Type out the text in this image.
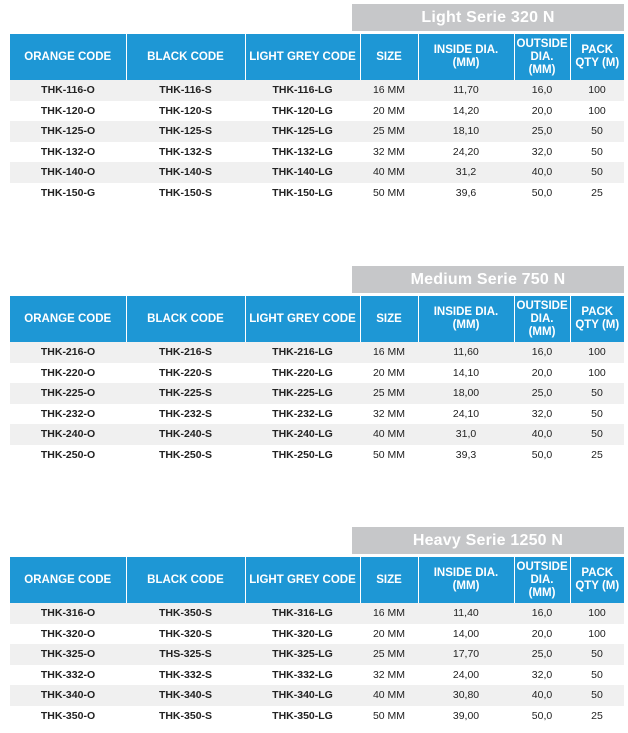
Light Serie 320 N
ORANGE CODE	BLACK CODE	LIGHT GREY CODE	SIZE	INSIDE DIA. (MM)	OUTSIDE DIA. (MM)	PACK QTY (M)
THK-116-O	THK-116-S	THK-116-LG	16 MM	11,70	16,0	100
THK-120-O	THK-120-S	THK-120-LG	20 MM	14,20	20,0	100
THK-125-O	THK-125-S	THK-125-LG	25 MM	18,10	25,0	50
THK-132-O	THK-132-S	THK-132-LG	32 MM	24,20	32,0	50
THK-140-O	THK-140-S	THK-140-LG	40 MM	31,2	40,0	50
THK-150-G	THK-150-S	THK-150-LG	50 MM	39,6	50,0	25
Medium Serie 750 N
ORANGE CODE	BLACK CODE	LIGHT GREY CODE	SIZE	INSIDE DIA. (MM)	OUTSIDE DIA. (MM)	PACK QTY (M)
THK-216-O	THK-216-S	THK-216-LG	16 MM	11,60	16,0	100
THK-220-O	THK-220-S	THK-220-LG	20 MM	14,10	20,0	100
THK-225-O	THK-225-S	THK-225-LG	25 MM	18,00	25,0	50
THK-232-O	THK-232-S	THK-232-LG	32 MM	24,10	32,0	50
THK-240-O	THK-240-S	THK-240-LG	40 MM	31,0	40,0	50
THK-250-O	THK-250-S	THK-250-LG	50 MM	39,3	50,0	25
Heavy Serie 1250 N
ORANGE CODE	BLACK CODE	LIGHT GREY CODE	SIZE	INSIDE DIA. (MM)	OUTSIDE DIA. (MM)	PACK QTY (M)
THK-316-O	THK-350-S	THK-316-LG	16 MM	11,40	16,0	100
THK-320-O	THK-320-S	THK-320-LG	20 MM	14,00	20,0	100
THK-325-O	THS-325-S	THK-325-LG	25 MM	17,70	25,0	50
THK-332-O	THK-332-S	THK-332-LG	32 MM	24,00	32,0	50
THK-340-O	THK-340-S	THK-340-LG	40 MM	30,80	40,0	50
THK-350-O	THK-350-S	THK-350-LG	50 MM	39,00	50,0	25
